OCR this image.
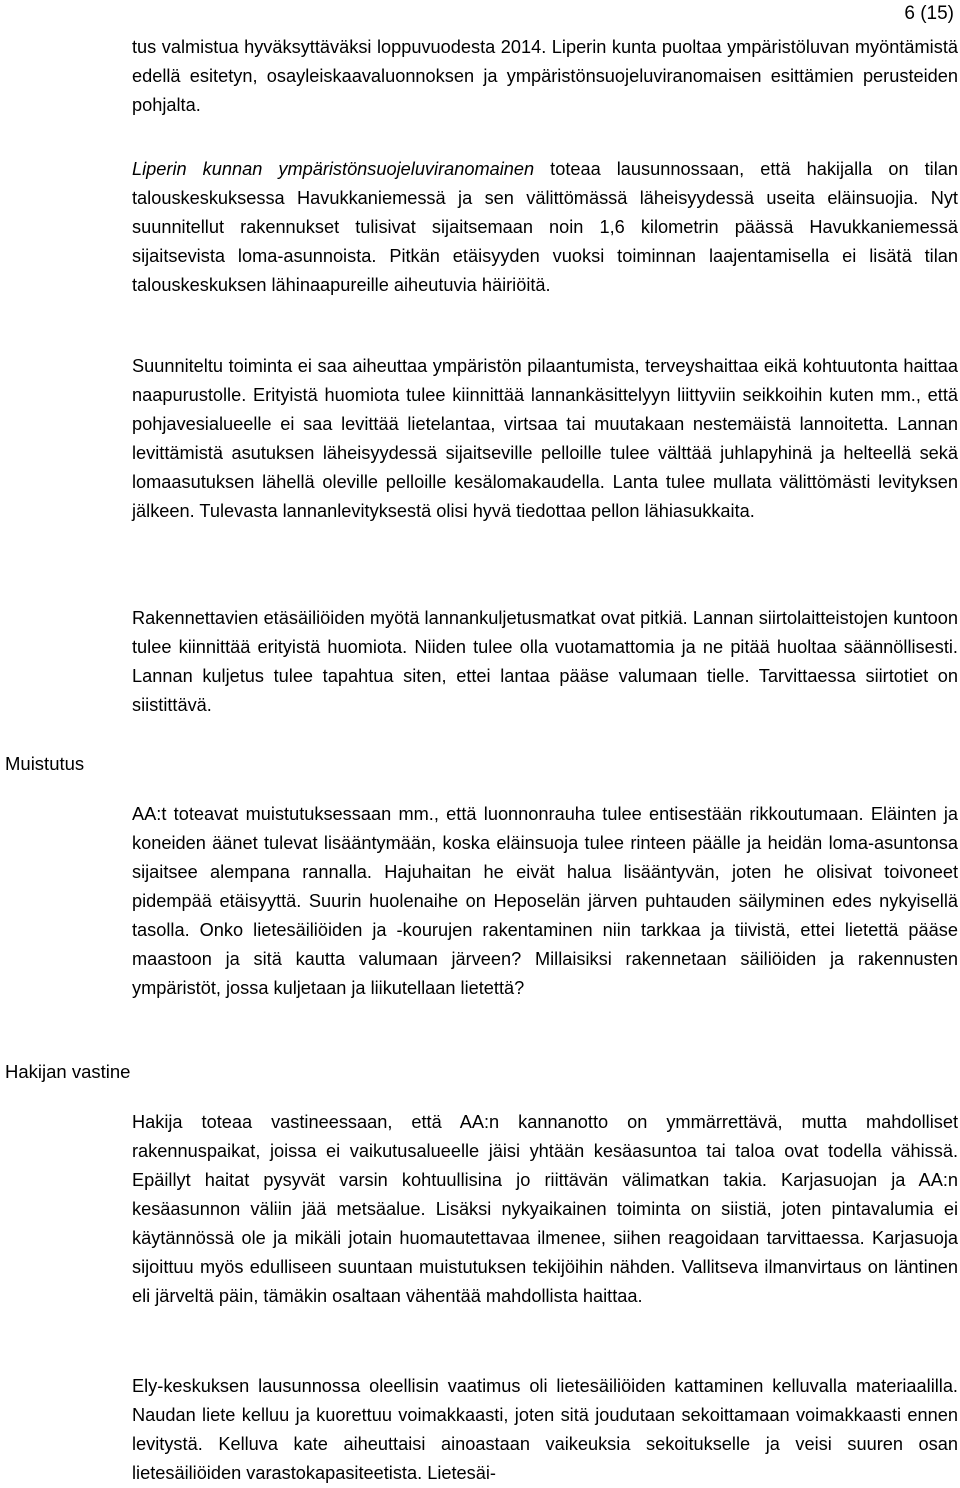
6 (15)
Muistutus
Hakijan vastine

tus valmistua hyväksyttäväksi loppuvuodesta 2014. Liperin kunta puoltaa ympäristöluvan myöntämistä edellä esitetyn, osayleiskaavaluonnoksen ja ympäristönsuojeluviranomaisen esittämien perusteiden pohjalta.

Liperin kunnan ympäristönsuojeluviranomainen toteaa lausunnossaan, että hakijalla on tilan talouskeskuksessa Havukkaniemessä ja sen välittömässä läheisyydessä useita eläinsuojia. Nyt suunnitellut rakennukset tulisivat sijaitsemaan noin 1,6 kilometrin päässä Havukkaniemessä sijaitsevista loma-asunnoista. Pitkän etäisyyden vuoksi toiminnan laajentamisella ei lisätä tilan talouskeskuksen lähinaapureille aiheutuvia häiriöitä.

Suunniteltu toiminta ei saa aiheuttaa ympäristön pilaantumista, terveyshaittaa eikä kohtuutonta haittaa naapurustolle. Erityistä huomiota tulee kiinnittää lannankäsittelyyn liittyviin seikkoihin kuten mm., että pohjavesialueelle ei saa levittää lietelantaa, virtsaa tai muutakaan nestemäistä lannoitetta. Lannan levittämistä asutuksen läheisyydessä sijaitseville pelloille tulee välttää juhlapyhinä ja helteellä sekä lomaasutuksen lähellä oleville pelloille kesälomakaudella. Lanta tulee mullata välittömästi levityksen jälkeen. Tulevasta lannanlevityksestä olisi hyvä tiedottaa pellon lähiasukkaita.

Rakennettavien etäsäiliöiden myötä lannankuljetusmatkat ovat pitkiä. Lannan siirtolaitteistojen kuntoon tulee kiinnittää erityistä huomiota. Niiden tulee olla vuotamattomia ja ne pitää huoltaa säännöllisesti. Lannan kuljetus tulee tapahtua siten, ettei lantaa pääse valumaan tielle. Tarvittaessa siirtotiet on siistittävä.

AA:t toteavat muistutuksessaan mm., että luonnonrauha tulee entisestään rikkoutumaan. Eläinten ja koneiden äänet tulevat lisääntymään, koska eläinsuoja tulee rinteen päälle ja heidän loma-asuntonsa sijaitsee alempana rannalla. Hajuhaitan he eivät halua lisääntyvän, joten he olisivat toivoneet pidempää etäisyyttä. Suurin huolenaihe on Heposelän järven puhtauden säilyminen edes nykyisellä tasolla. Onko lietesäiliöiden ja -kourujen rakentaminen niin tarkkaa ja tiivistä, ettei lietettä pääse maastoon ja sitä kautta valumaan järveen? Millaisiksi rakennetaan säiliöiden ja rakennusten ympäristöt, jossa kuljetaan ja liikutellaan lietettä?

Hakija toteaa vastineessaan, että AA:n kannanotto on ymmärrettävä, mutta mahdolliset rakennuspaikat, joissa ei vaikutusalueelle jäisi yhtään kesäasuntoa tai taloa ovat todella vähissä. Epäillyt haitat pysyvät varsin kohtuullisina jo riittävän välimatkan takia. Karjasuojan ja AA:n kesäasunnon väliin jää metsäalue. Lisäksi nykyaikainen toiminta on siistiä, joten pintavalumia ei käytännössä ole ja mikäli jotain huomautettavaa ilmenee, siihen reagoidaan tarvittaessa. Karjasuoja sijoittuu myös edulliseen suuntaan muistutuksen tekijöihin nähden. Vallitseva ilmanvirtaus on läntinen eli järveltä päin, tämäkin osaltaan vähentää mahdollista haittaa.

Ely-keskuksen lausunnossa oleellisin vaatimus oli lietesäiliöiden kattaminen kelluvalla materiaalilla. Naudan liete kelluu ja kuorettuu voimakkaasti, joten sitä joudutaan sekoittamaan voimakkaasti ennen levitystä. Kelluva kate aiheuttaisi ainoastaan vaikeuksia sekoitukselle ja veisi suuren osan lietesäiliöiden varastokapasiteetista. Lietesäi-
